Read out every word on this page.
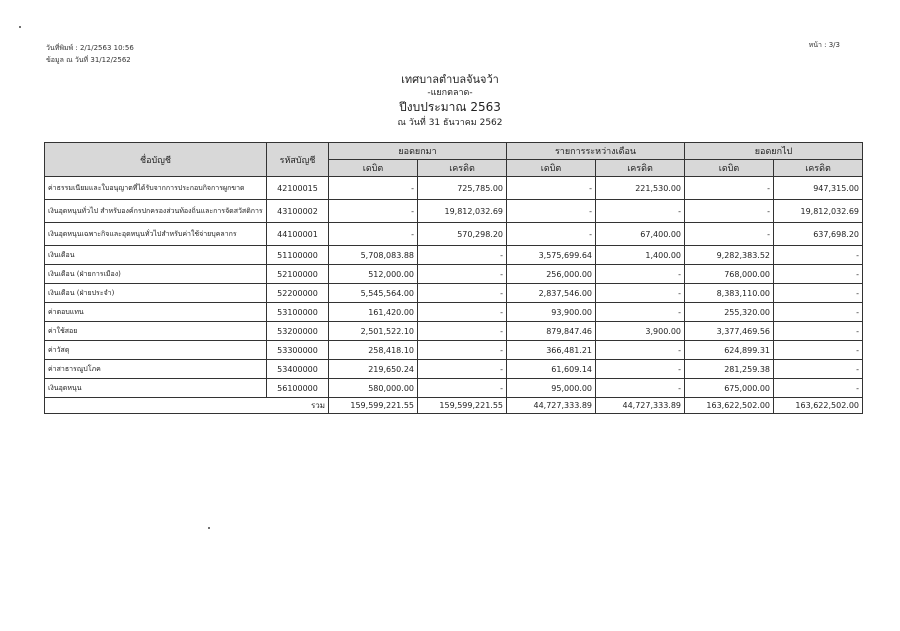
วันที่พิมพ์ : 2/1/2563 10:56
ข้อมูล ณ วันที่ 31/12/2562
หน้า : 3/3
เทศบาลตำบลจันจว้า
-แยกตลาด-
ปีงบประมาณ 2563
ณ วันที่ 31 ธันวาคม 2562
ชื่อบัญชี	รหัสบัญชี	ยอดยกมา		รายการระหว่างเดือน		ยอดยกไป	
		เดบิต	เครดิต	เดบิต	เครดิต	เดบิต	เครดิต
ค่าธรรมเนียมและใบอนุญาตที่ได้รับจากการประกอบกิจการผูกขาด	42100015	-	725,785.00	-	221,530.00	-	947,315.00
เงินอุดหนุนทั่วไป สำหรับองค์กรปกครองส่วนท้องถิ่นและการจัดสวัสดิการ	43100002	-	19,812,032.69	-	-	-	19,812,032.69
เงินอุดหนุนเฉพาะกิจและอุดหนุนทั่วไปสำหรับค่าใช้จ่ายบุคลากร	44100001	-	570,298.20	-	67,400.00	-	637,698.20
เงินเดือน	51100000	5,708,083.88	-	3,575,699.64	1,400.00	9,282,383.52	-
เงินเดือน (ฝ่ายการเมือง)	52100000	512,000.00	-	256,000.00	-	768,000.00	-
เงินเดือน (ฝ่ายประจำ)	52200000	5,545,564.00	-	2,837,546.00	-	8,383,110.00	-
ค่าตอบแทน	53100000	161,420.00	-	93,900.00	-	255,320.00	-
ค่าใช้สอย	53200000	2,501,522.10	-	879,847.46	3,900.00	3,377,469.56	-
ค่าวัสดุ	53300000	258,418.10	-	366,481.21	-	624,899.31	-
ค่าสาธารณูปโภค	53400000	219,650.24	-	61,609.14	-	281,259.38	-
เงินอุดหนุน	56100000	580,000.00	-	95,000.00	-	675,000.00	-
รวม		159,599,221.55	159,599,221.55	44,727,333.89	44,727,333.89	163,622,502.00	163,622,502.00
